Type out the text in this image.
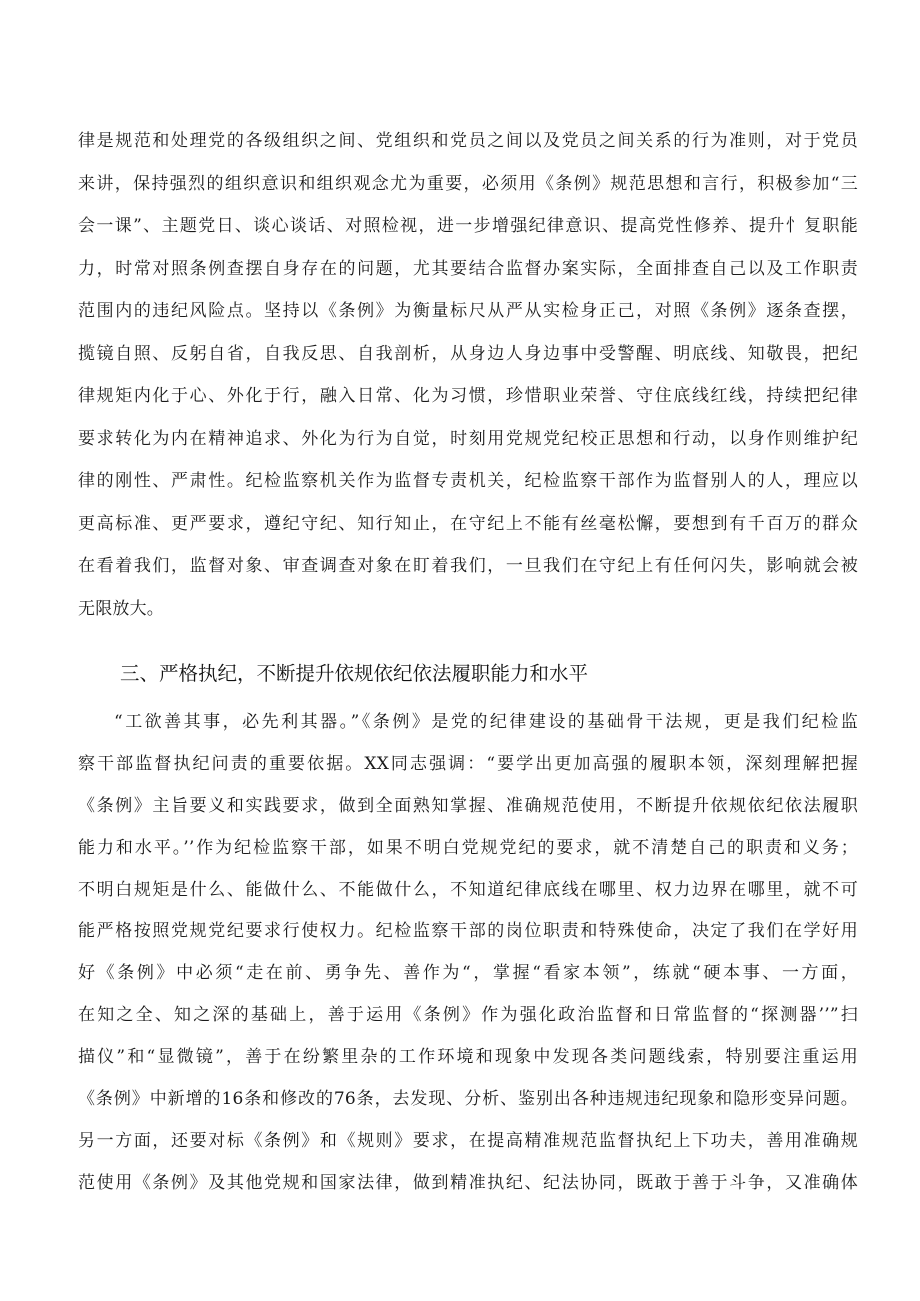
律是规范和处理党的各级组织之间、党组织和党员之间以及党员之间关系的行为准则，对于党员
来讲，保持强烈的组织意识和组织观念尤为重要，必须用《条例》规范思想和言行，积极参加“三
会一课”、主题党日、谈心谈话、对照检视，进一步增强纪律意识、提高党性修养、提升忄复职能
力，时常对照条例查摆自身存在的问题，尤其要结合监督办案实际，全面排查自己以及工作职责
范围内的违纪风险点。坚持以《条例》为衡量标尺从严从实检身正己，对照《条例》逐条查摆，
揽镜自照、反躬自省，自我反思、自我剖析，从身边人身边事中受警醒、明底线、知敬畏，把纪
律规矩内化于心、外化于行，融入日常、化为习惯，珍惜职业荣誉、守住底线红线，持续把纪律
要求转化为内在精神追求、外化为行为自觉，时刻用党规党纪校正思想和行动，以身作则维护纪
律的刚性、严肃性。纪检监察机关作为监督专责机关，纪检监察干部作为监督别人的人，理应以
更高标准、更严要求，遵纪守纪、知行知止，在守纪上不能有丝毫松懈，要想到有千百万的群众
在看着我们，监督对象、审查调查对象在盯着我们，一旦我们在守纪上有任何闪失，影响就会被
无限放大。
三、严格执纪，不断提升依规依纪依法履职能力和水平
“工欲善其事，必先利其器。”《条例》是党的纪律建设的基础骨干法规，更是我们纪检监
察干部监督执纪问责的重要依据。XX同志强调：“要学出更加高强的履职本领，深刻理解把握
《条例》主旨要义和实践要求，做到全面熟知掌握、准确规范使用，不断提升依规依纪依法履职
能力和水平。’’作为纪检监察干部，如果不明白党规党纪的要求，就不清楚自己的职责和义务；
不明白规矩是什么、能做什么、不能做什么，不知道纪律底线在哪里、权力边界在哪里，就不可
能严格按照党规党纪要求行使权力。纪检监察干部的岗位职责和特殊使命，决定了我们在学好用
好《条例》中必须“走在前、勇争先、善作为“，掌握“看家本领”，练就“硬本事、一方面，
在知之全、知之深的基础上，善于运用《条例》作为强化政治监督和日常监督的“探测器’’”扫
描仪”和“显微镜”，善于在纷繁里杂的工作环境和现象中发现各类问题线索，特别要注重运用
《条例》中新增的16条和修改的76条，去发现、分析、鉴别出各种违规违纪现象和隐形变异问题。
另一方面，还要对标《条例》和《规则》要求，在提高精准规范监督执纪上下功夫，善用准确规
范使用《条例》及其他党规和国家法律，做到精准执纪、纪法协同，既敢于善于斗争，又准确体
